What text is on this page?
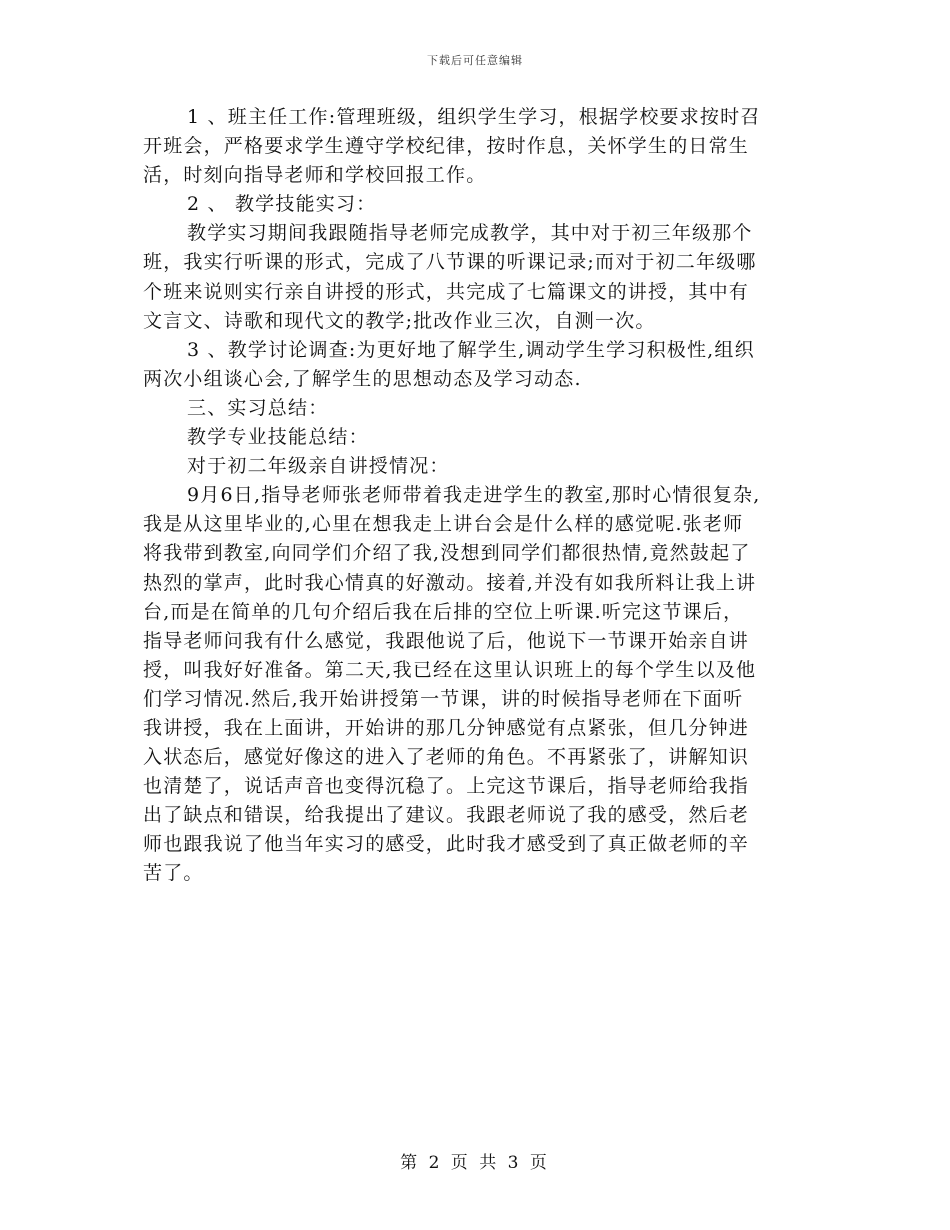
下载后可任意编辑
1 、班主任工作:管理班级，组织学生学习，根据学校要求按时召
开班会，严格要求学生遵守学校纪律，按时作息，关怀学生的日常生
活，时刻向指导老师和学校回报工作。
2 、 教学技能实习：
教学实习期间我跟随指导老师完成教学，其中对于初三年级那个
班，我实行听课的形式，完成了八节课的听课记录;而对于初二年级哪
个班来说则实行亲自讲授的形式，共完成了七篇课文的讲授，其中有
文言文、诗歌和现代文的教学;批改作业三次，自测一次。
3 、教学讨论调查:为更好地了解学生,调动学生学习积极性,组织
两次小组谈心会,了解学生的思想动态及学习动态.
三、实习总结：
教学专业技能总结：
对于初二年级亲自讲授情况：
9月6日,指导老师张老师带着我走进学生的教室,那时心情很复杂,
我是从这里毕业的,心里在想我走上讲台会是什么样的感觉呢.张老师
将我带到教室,向同学们介绍了我,没想到同学们都很热情,竟然鼓起了
热烈的掌声，此时我心情真的好激动。接着,并没有如我所料让我上讲
台,而是在简单的几句介绍后我在后排的空位上听课.听完这节课后，
指导老师问我有什么感觉，我跟他说了后，他说下一节课开始亲自讲
授，叫我好好准备。第二天,我已经在这里认识班上的每个学生以及他
们学习情况.然后,我开始讲授第一节课，讲的时候指导老师在下面听
我讲授，我在上面讲，开始讲的那几分钟感觉有点紧张，但几分钟进
入状态后，感觉好像这的进入了老师的角色。不再紧张了，讲解知识
也清楚了，说话声音也变得沉稳了。上完这节课后，指导老师给我指
出了缺点和错误，给我提出了建议。我跟老师说了我的感受，然后老
师也跟我说了他当年实习的感受，此时我才感受到了真正做老师的辛
苦了。
第 2 页 共 3 页
